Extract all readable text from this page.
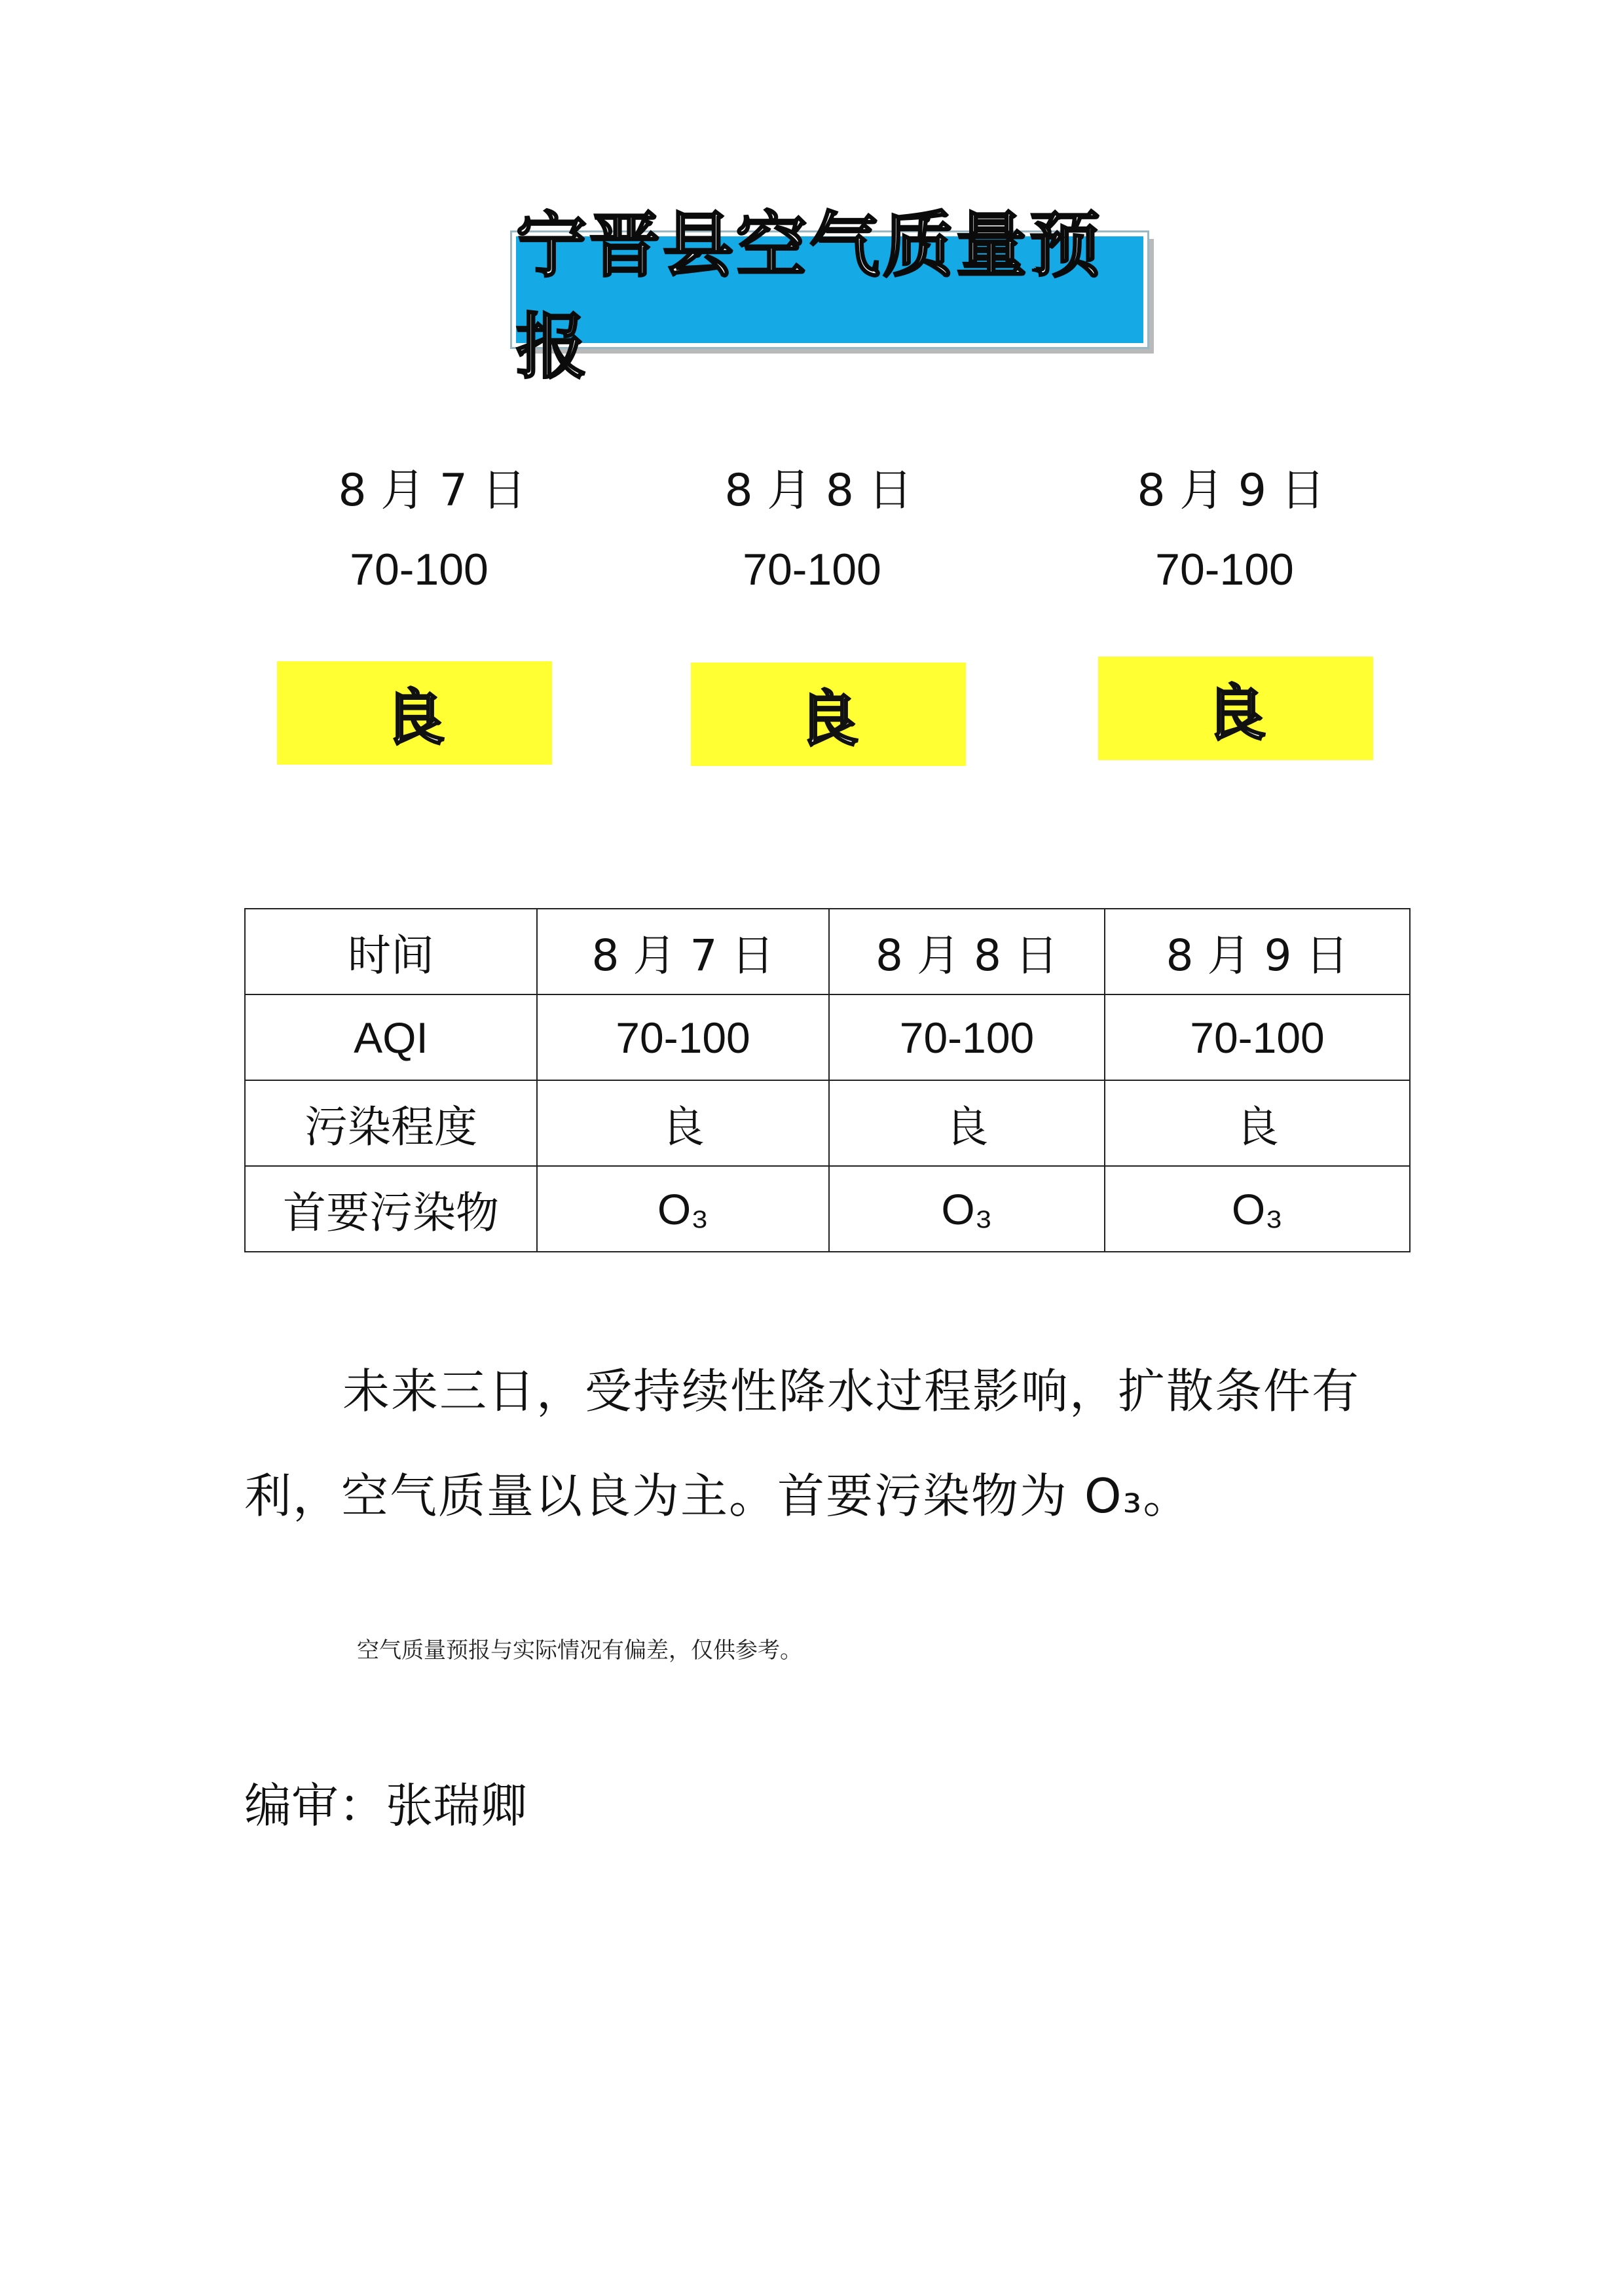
宁晋县空气质量预报
8 月 7 日
70-100
8 月 8 日
70-100
8 月 9 日
70-100
良	良	良
时间	8 月 7 日	8 月 8 日	8 月 9 日
AQI	70-100	70-100	70-100
污染程度	良	良	良
首要污染物	O₃	O₃	O₃

未来三日，受持续性降水过程影响，扩散条件有利，空气质量以良为主。首要污染物为 O₃。

空气质量预报与实际情况有偏差，仅供参考。
编审：张瑞卿
